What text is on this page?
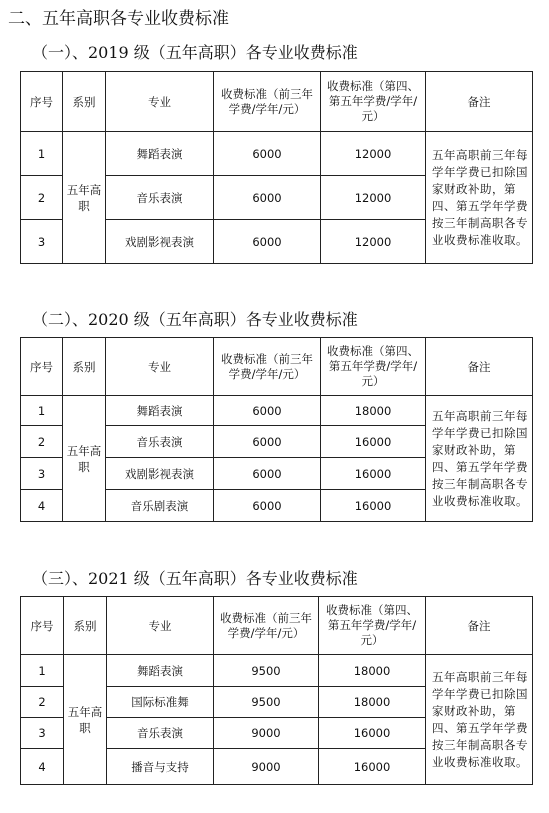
二、五年高职各专业收费标准
（一）、2019 级（五年高职）各专业收费标准
序号	系别	专业	收费标准（前三年学费/学年/元）	收费标准（第四、第五年学费/学年/元）	备注
1	五年高职	舞蹈表演	6000	12000	五年高职前三年每学年学费已扣除国家财政补助，第四、第五学年学费按三年制高职各专业收费标准收取。
2		音乐表演	6000	12000	
3		戏剧影视表演	6000	12000	
（二）、2020 级（五年高职）各专业收费标准
序号	系别	专业	收费标准（前三年学费/学年/元）	收费标准（第四、第五年学费/学年/元）	备注
1	五年高职	舞蹈表演	6000	18000	五年高职前三年每学年学费已扣除国家财政补助，第四、第五学年学费按三年制高职各专业收费标准收取。
2		音乐表演	6000	16000	
3		戏剧影视表演	6000	16000	
4		音乐剧表演	6000	16000	
（三）、2021 级（五年高职）各专业收费标准
序号	系别	专业	收费标准（前三年学费/学年/元）	收费标准（第四、第五年学费/学年/元）	备注
1	五年高职	舞蹈表演	9500	18000	五年高职前三年每学年学费已扣除国家财政补助，第四、第五学年学费按三年制高职各专业收费标准收取。
2		国际标准舞	9500	18000	
3		音乐表演	9000	16000	
4		播音与支持	9000	16000	
